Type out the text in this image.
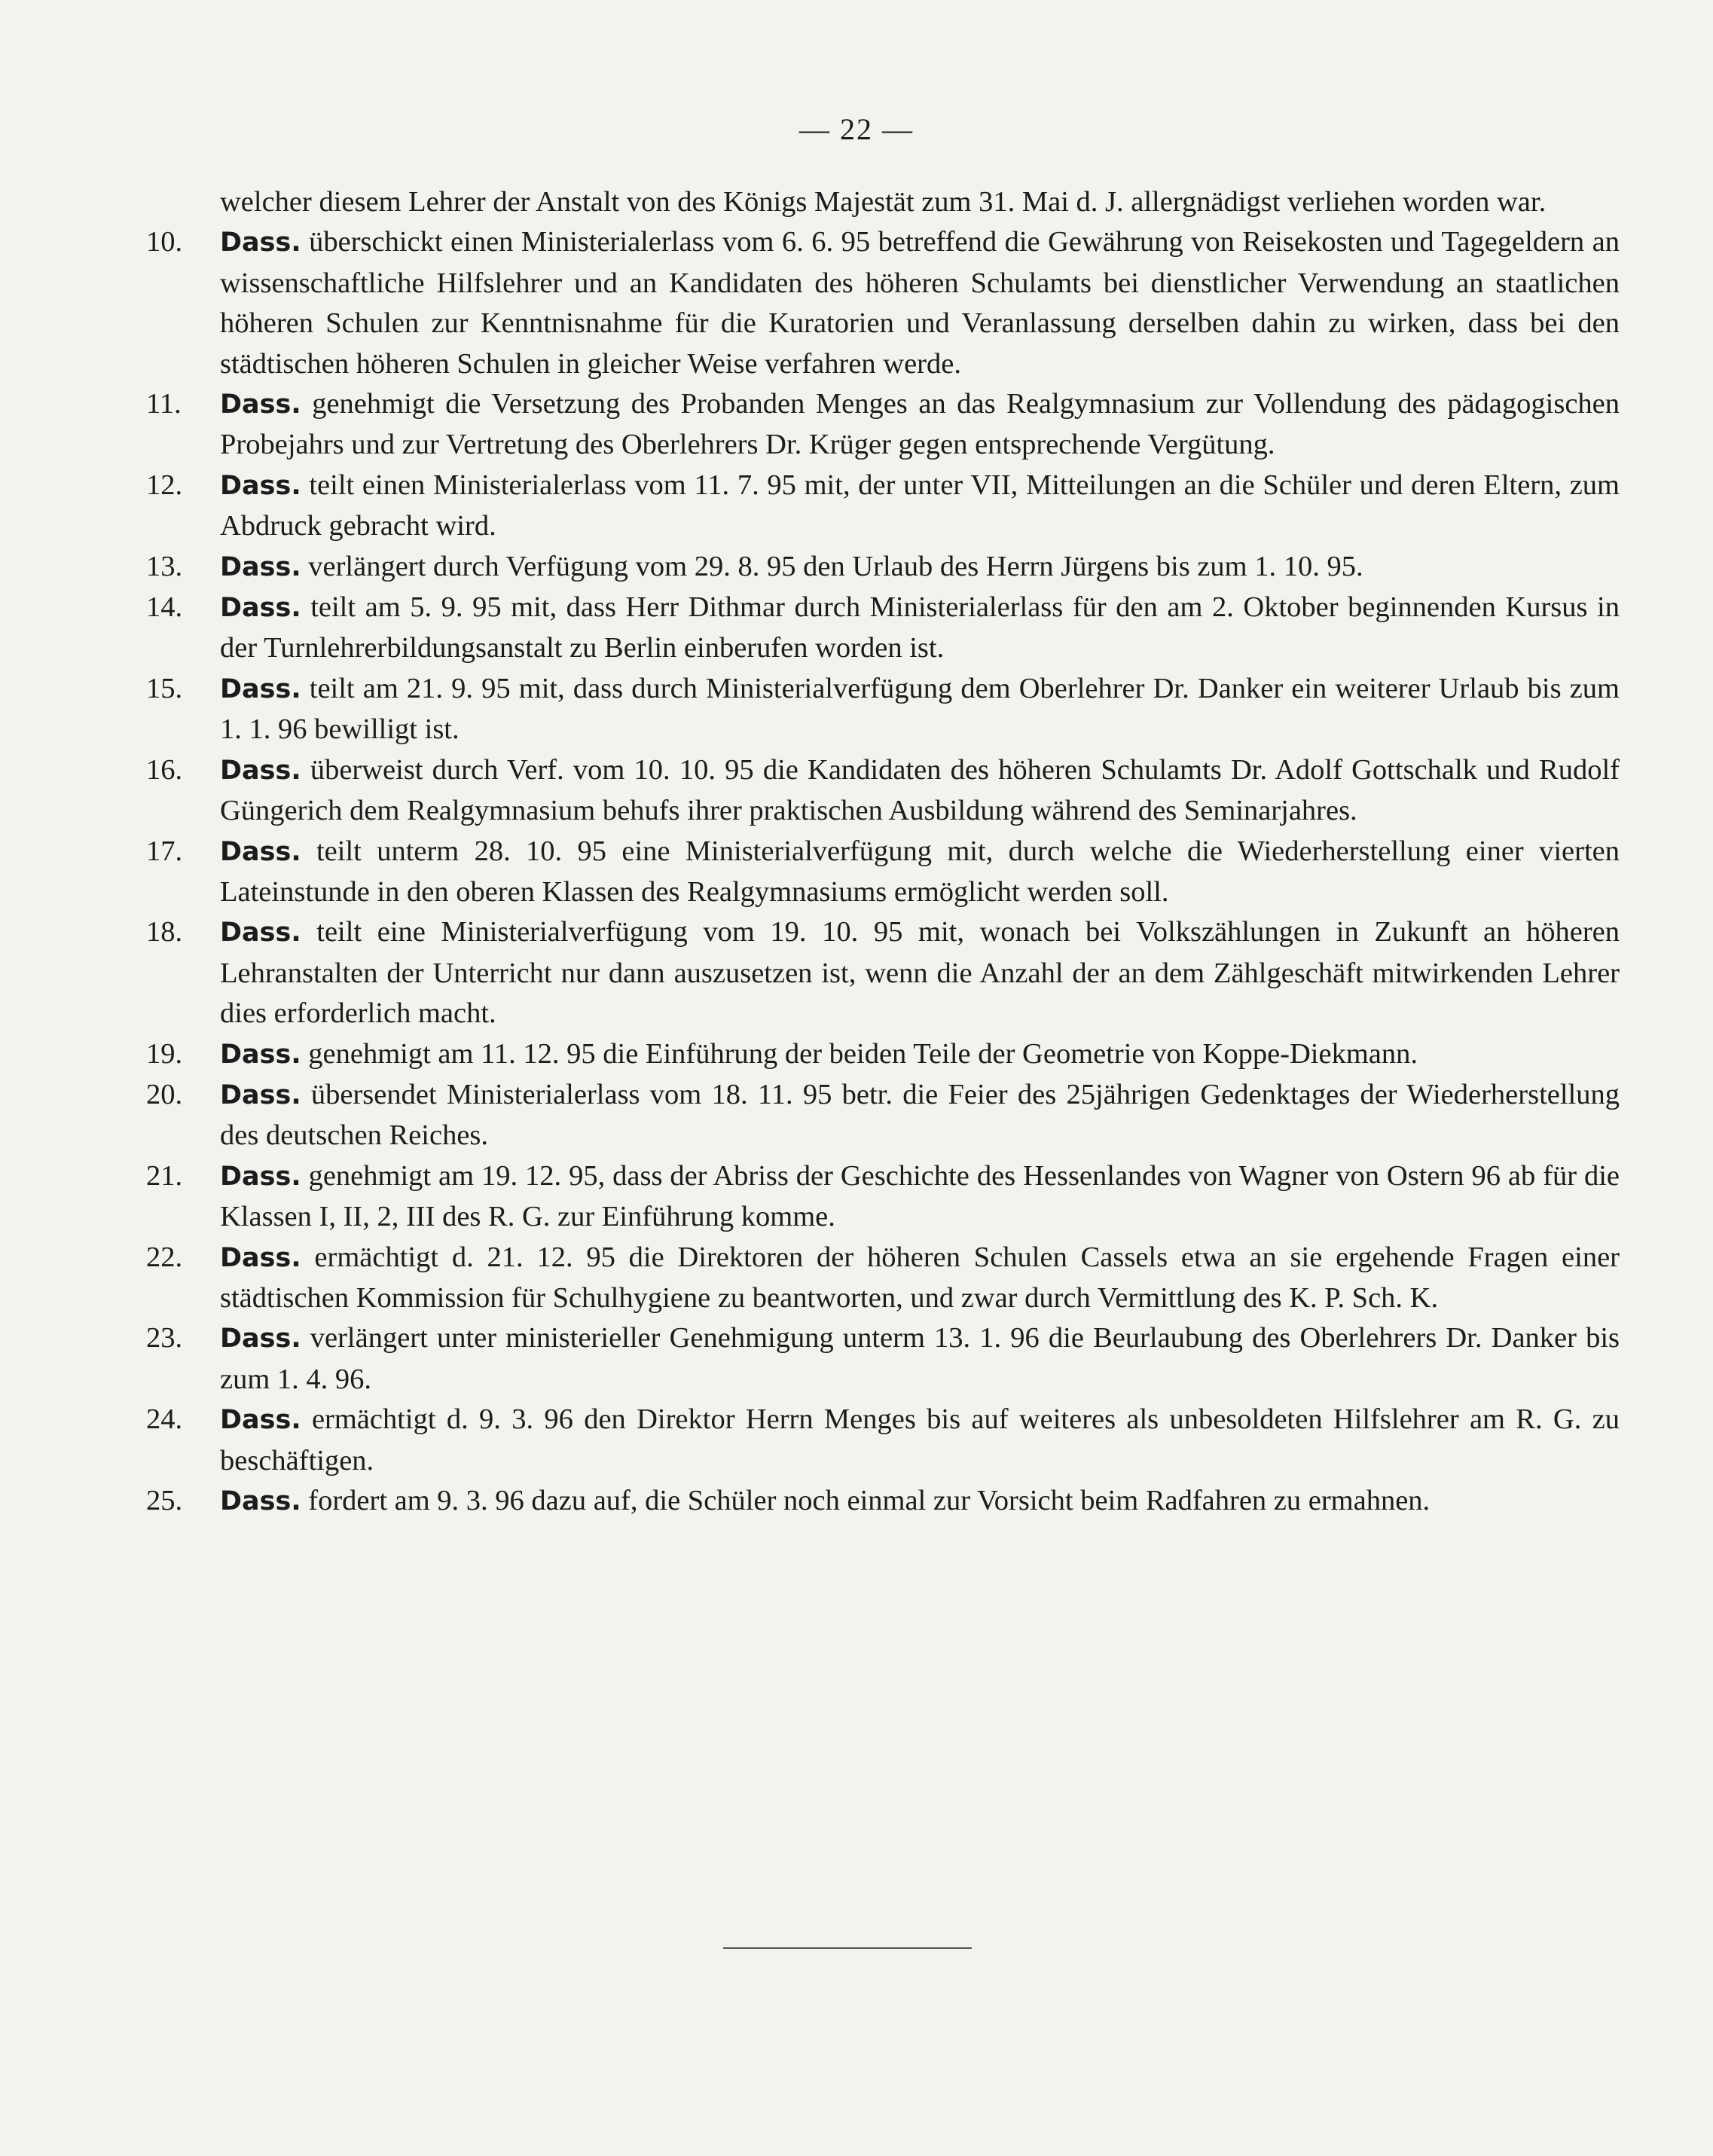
— 22 —
welcher diesem Lehrer der Anstalt von des Königs Majestät zum 31. Mai d. J. allergnädigst verliehen worden war.
10.	Dass. überschickt einen Ministerialerlass vom 6. 6. 95 betreffend die Gewährung von Reisekosten und Tagegeldern an wissenschaftliche Hilfslehrer und an Kandidaten des höheren Schulamts bei dienstlicher Verwendung an staatlichen höheren Schulen zur Kenntnisnahme für die Kuratorien und Veranlassung derselben dahin zu wirken, dass bei den städtischen höheren Schulen in gleicher Weise verfahren werde.
11.	Dass. genehmigt die Versetzung des Probanden Menges an das Realgymnasium zur Vollendung des pädagogischen Probejahrs und zur Vertretung des Oberlehrers Dr. Krüger gegen entsprechende Vergütung.
12.	Dass. teilt einen Ministerialerlass vom 11. 7. 95 mit, der unter VII, Mitteilungen an die Schüler und deren Eltern, zum Abdruck gebracht wird.
13.	Dass. verlängert durch Verfügung vom 29. 8. 95 den Urlaub des Herrn Jürgens bis zum 1. 10. 95.
14.	Dass. teilt am 5. 9. 95 mit, dass Herr Dithmar durch Ministerialerlass für den am 2. Oktober beginnenden Kursus in der Turnlehrerbildungsanstalt zu Berlin einberufen worden ist.
15.	Dass. teilt am 21. 9. 95 mit, dass durch Ministerialverfügung dem Oberlehrer Dr. Danker ein weiterer Urlaub bis zum 1. 1. 96 bewilligt ist.
16.	Dass. überweist durch Verf. vom 10. 10. 95 die Kandidaten des höheren Schulamts Dr. Adolf Gottschalk und Rudolf Güngerich dem Realgymnasium behufs ihrer praktischen Ausbildung während des Seminarjahres.
17.	Dass. teilt unterm 28. 10. 95 eine Ministerialverfügung mit, durch welche die Wiederherstellung einer vierten Lateinstunde in den oberen Klassen des Realgymnasiums ermöglicht werden soll.
18.	Dass. teilt eine Ministerialverfügung vom 19. 10. 95 mit, wonach bei Volkszählungen in Zukunft an höheren Lehranstalten der Unterricht nur dann auszusetzen ist, wenn die Anzahl der an dem Zählgeschäft mitwirkenden Lehrer dies erforderlich macht.
19.	Dass. genehmigt am 11. 12. 95 die Einführung der beiden Teile der Geometrie von Koppe-Diekmann.
20.	Dass. übersendet Ministerialerlass vom 18. 11. 95 betr. die Feier des 25jährigen Gedenktages der Wiederherstellung des deutschen Reiches.
21.	Dass. genehmigt am 19. 12. 95, dass der Abriss der Geschichte des Hessenlandes von Wagner von Ostern 96 ab für die Klassen I, II, 2, III des R. G. zur Einführung komme.
22.	Dass. ermächtigt d. 21. 12. 95 die Direktoren der höheren Schulen Cassels etwa an sie ergehende Fragen einer städtischen Kommission für Schulhygiene zu beantworten, und zwar durch Vermittlung des K. P. Sch. K.
23.	Dass. verlängert unter ministerieller Genehmigung unterm 13. 1. 96 die Beurlaubung des Oberlehrers Dr. Danker bis zum 1. 4. 96.
24.	Dass. ermächtigt d. 9. 3. 96 den Direktor Herrn Menges bis auf weiteres als unbesoldeten Hilfslehrer am R. G. zu beschäftigen.
25.	Dass. fordert am 9. 3. 96 dazu auf, die Schüler noch einmal zur Vorsicht beim Radfahren zu ermahnen.
